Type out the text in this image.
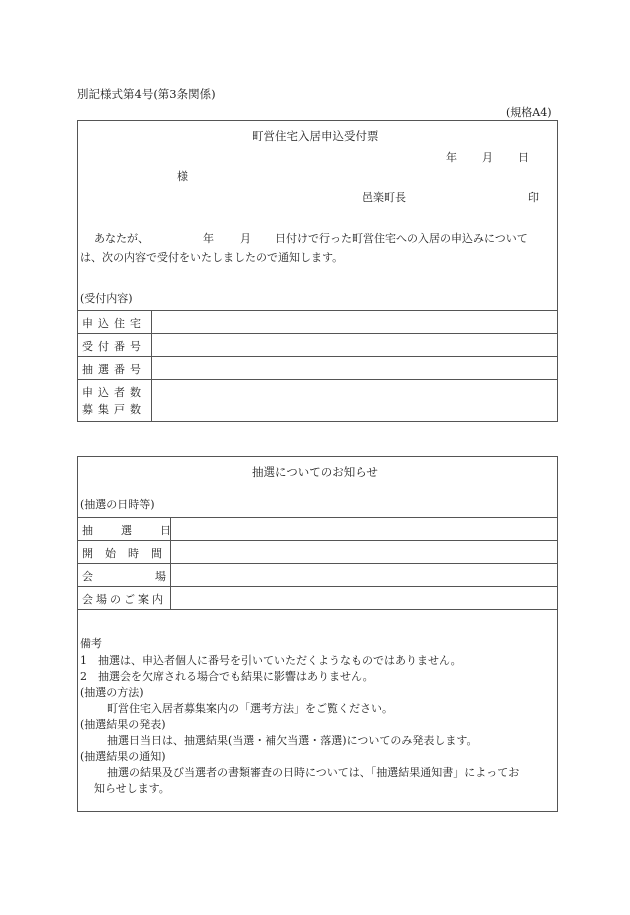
別記様式第4号(第3条関係)
(規格A4)
町営住宅入居申込受付票
年 月 日
様
邑楽町長	印
あなたが、	年 月 日付けで行った町営住宅への入居の申込みについて
は、次の内容で受付をいたしましたので通知します。
(受付内容)
申込住宅
受付番号
抽選番号
申込者数
募集戸数
抽選についてのお知らせ
(抽選の日時等)
抽選日
開始時間
会場
会場のご案内
備考
1　抽選は、申込者個人に番号を引いていただくようなものではありません。
2　抽選会を欠席される場合でも結果に影響はありません。
(抽選の方法)
町営住宅入居者募集案内の「選考方法」をご覧ください。
(抽選結果の発表)
抽選日当日は、抽選結果(当選・補欠当選・落選)についてのみ発表します。
(抽選結果の通知)
抽選の結果及び当選者の書類審査の日時については、「抽選結果通知書」によってお
知らせします。
